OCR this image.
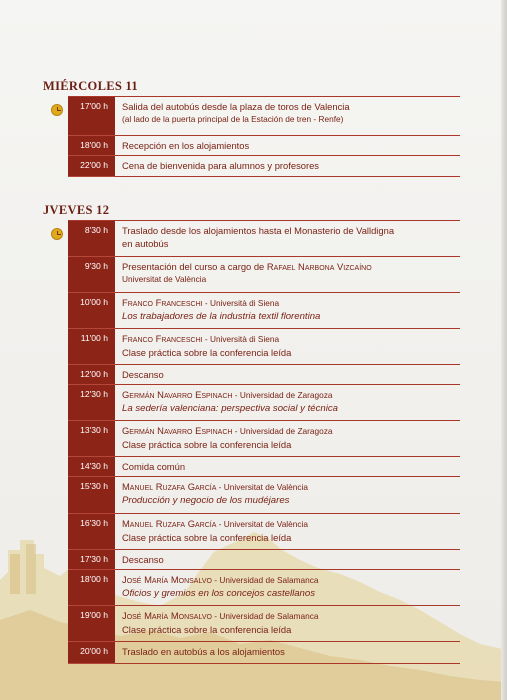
MIÉRCOLES 11
17'00 h	Salida del autobús desde la plaza de toros de Valencia
(al lado de la puerta principal de la Estación de tren - Renfe)
18'00 h	Recepción en los alojamientos
22'00 h	Cena de bienvenida para alumnos y profesores
JVEVES 12
8'30 h	Traslado desde los alojamientos hasta el Monasterio de Valldigna
en autobús
9'30 h	Presentación del curso a cargo de Rafael Narbona Vizcaíno
Universitat de València
10'00 h	Franco Franceschi - Università di Siena
Los trabajadores de la industria textil florentina
11'00 h	Franco Franceschi - Università di Siena
Clase práctica sobre la conferencia leída
12'00 h	Descanso
12'30 h	Germán Navarro Espinach - Universidad de Zaragoza
La sedería valenciana: perspectiva social y técnica
13'30 h	Germán Navarro Espinach - Universidad de Zaragoza
Clase práctica sobre la conferencia leída
14'30 h	Comida común
15'30 h	Manuel Ruzafa García - Universitat de València
Producción y negocio de los mudéjares
16'30 h	Manuel Ruzafa García - Universitat de València
Clase práctica sobre la conferencia leída
17'30 h	Descanso
18'00 h	José María Monsalvo - Universidad de Salamanca
Oficios y gremios en los concejos castellanos
19'00 h	José María Monsalvo - Universidad de Salamanca
Clase práctica sobre la conferencia leída
20'00 h	Traslado en autobús a los alojamientos
